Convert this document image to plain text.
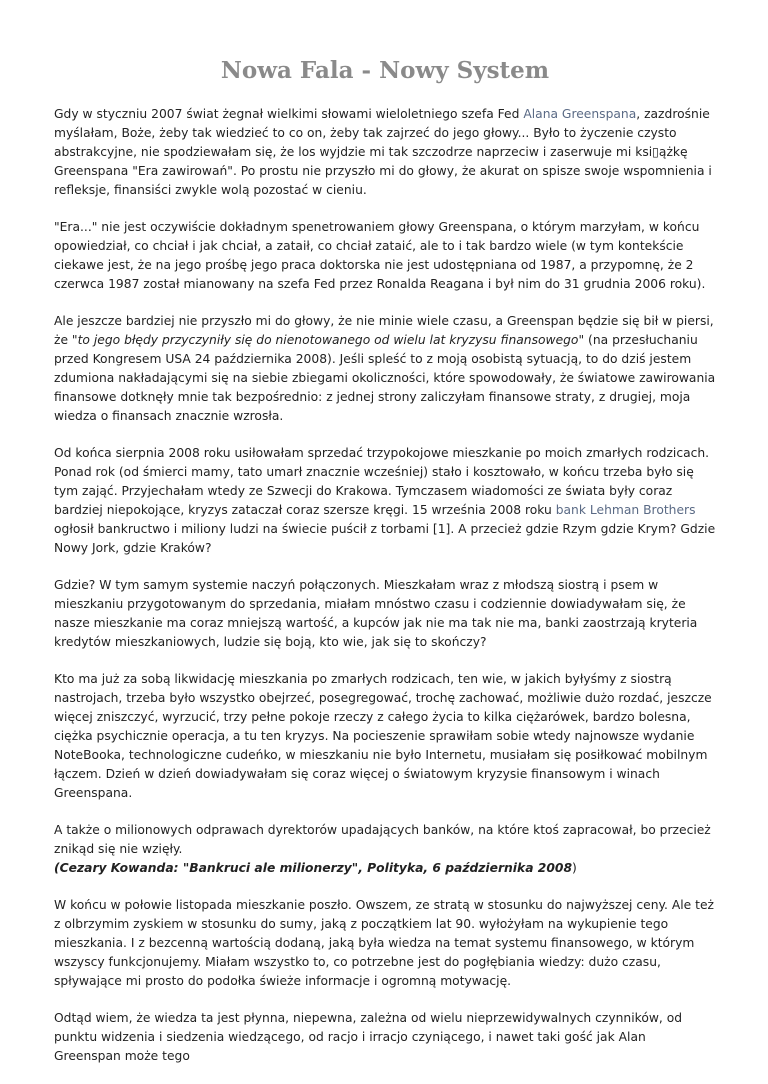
Nowa Fala - Nowy System

Gdy w styczniu 2007 świat żegnał wielkimi słowami wieloletniego szefa Fed Alana Greenspana, zazdrośnie myślałam, Boże, żeby tak wiedzieć to co on, żeby tak zajrzeć do jego głowy... Było to życzenie czysto abstrakcyjne, nie spodziewałam się, że los wyjdzie mi tak szczodrze naprzeciw i zaserwuje mi ksi▯ążkę Greenspana "Era zawirowań". Po prostu nie przyszło mi do głowy, że akurat on spisze swoje wspomnienia i refleksje, finansiści zwykle wolą pozostać w cieniu.

"Era..." nie jest oczywiście dokładnym spenetrowaniem głowy Greenspana, o którym marzyłam, w końcu opowiedział, co chciał i jak chciał, a zataił, co chciał zataić, ale to i tak bardzo wiele (w tym kontekście ciekawe jest, że na jego prośbę jego praca doktorska nie jest udostępniana od 1987, a przypomnę, że 2 czerwca 1987 został mianowany na szefa Fed przez Ronalda Reagana i był nim do 31 grudnia 2006 roku).

Ale jeszcze bardziej nie przyszło mi do głowy, że nie minie wiele czasu, a Greenspan będzie się bił w piersi, że "to jego błędy przyczyniły się do nienotowanego od wielu lat kryzysu finansowego" (na przesłuchaniu przed Kongresem USA 24 października 2008). Jeśli spleść to z moją osobistą sytuacją, to do dziś jestem zdumiona nakładającymi się na siebie zbiegami okoliczności, które spowodowały, że światowe zawirowania finansowe dotknęły mnie tak bezpośrednio: z jednej strony zaliczyłam finansowe straty, z drugiej, moja wiedza o finansach znacznie wzrosła.

Od końca sierpnia 2008 roku usiłowałam sprzedać trzypokojowe mieszkanie po moich zmarłych rodzicach. Ponad rok (od śmierci mamy, tato umarł znacznie wcześniej) stało i kosztowało, w końcu trzeba było się tym zająć. Przyjechałam wtedy ze Szwecji do Krakowa. Tymczasem wiadomości ze świata były coraz bardziej niepokojące, kryzys zataczał coraz szersze kręgi. 15 września 2008 roku bank Lehman Brothers ogłosił bankructwo i miliony ludzi na świecie puścił z torbami [1]. A przecież gdzie Rzym gdzie Krym? Gdzie Nowy Jork, gdzie Kraków?

Gdzie? W tym samym systemie naczyń połączonych. Mieszkałam wraz z młodszą siostrą i psem w mieszkaniu przygotowanym do sprzedania, miałam mnóstwo czasu i codziennie dowiadywałam się, że nasze mieszkanie ma coraz mniejszą wartość, a kupców jak nie ma tak nie ma, banki zaostrzają kryteria kredytów mieszkaniowych, ludzie się boją, kto wie, jak się to skończy?

Kto ma już za sobą likwidację mieszkania po zmarłych rodzicach, ten wie, w jakich byłyśmy z siostrą nastrojach, trzeba było wszystko obejrzeć, posegregować, trochę zachować, możliwie dużo rozdać, jeszcze więcej zniszczyć, wyrzucić, trzy pełne pokoje rzeczy z całego życia to kilka ciężarówek, bardzo bolesna, ciężka psychicznie operacja, a tu ten kryzys. Na pocieszenie sprawiłam sobie wtedy najnowsze wydanie NoteBooka, technologiczne cudeńko, w mieszkaniu nie było Internetu, musiałam się posiłkować mobilnym łączem. Dzień w dzień dowiadywałam się coraz więcej o światowym kryzysie finansowym i winach Greenspana.

A także o milionowych odprawach dyrektorów upadających banków, na które ktoś zapracował, bo przecież znikąd się nie wzięły.
(Cezary Kowanda: "Bankruci ale milionerzy", Polityka, 6 października 2008)

W końcu w połowie listopada mieszkanie poszło. Owszem, ze stratą w stosunku do najwyższej ceny. Ale też z olbrzymim zyskiem w stosunku do sumy, jaką z początkiem lat 90. wyłożyłam na wykupienie tego mieszkania. I z bezcenną wartością dodaną, jaką była wiedza na temat systemu finansowego, w którym wszyscy funkcjonujemy. Miałam wszystko to, co potrzebne jest do pogłębiania wiedzy: dużo czasu, spływające mi prosto do podołka świeże informacje i ogromną motywację.

Odtąd wiem, że wiedza ta jest płynna, niepewna, zależna od wielu nieprzewidywalnych czynników, od punktu widzenia i siedzenia wiedzącego, od racjo i irracjo czyniącego, i nawet taki gość jak Alan Greenspan może tego
